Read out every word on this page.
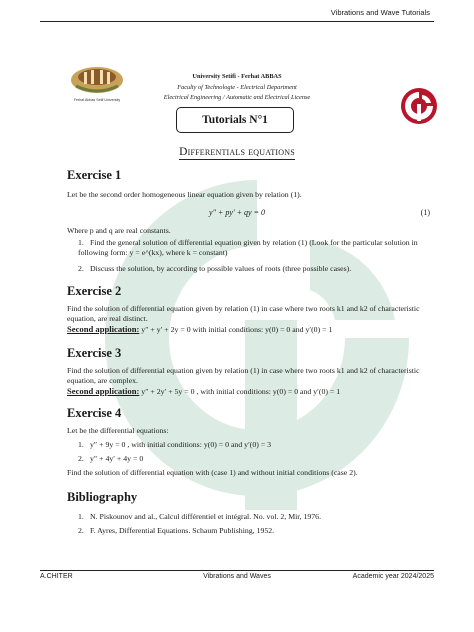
Vibrations and Wave Tutorials
Ferhat Abbas Setif University
University Setifi - Ferhat ABBAS
Faculty of Technologie - Electrical Department
Electrical Engineering / Automatic and Electrical License
Tutorials N°1
Differentials equations
Exercise 1
Let be the second order homogeneous linear equation given by relation (1).
y″ + py′ + qy = 0	(1)
Where p and q are real constants.
1. Find the general solution of differential equation given by relation (1) (Look for the particular solution in following form: y = e^(kx), where k = constant)
2. Discuss the solution, by according to possible values of roots (three possible cases).
Exercise 2
Find the solution of differential equation given by relation (1) in case where two roots k1 and k2 of characteristic equation, are real distinct.
Second application: y″ + y′ + 2y = 0 with initial conditions: y(0) = 0 and y′(0) = 1
Exercise 3
Find the solution of differential equation given by relation (1) in case where two roots k1 and k2 of characteristic equation, are complex.
Second application: y″ + 2y′ + 5y = 0 , with initial conditions: y(0) = 0 and y′(0) = 1
Exercise 4
Let be the differential equations:
1. y″ + 9y = 0 , with initial conditions: y(0) = 0 and y′(0) = 3
2. y″ + 4y′ + 4y = 0
Find the solution of differential equation with (case 1) and without initial conditions (case 2).
Bibliography
1. N. Piskounov and al., Calcul différentiel et intégral. No. vol. 2, Mir, 1976.
2. F. Ayres, Differential Equations. Schaum Publishing, 1952.
A.CHITER	Vibrations and Waves	Academic year 2024/2025
